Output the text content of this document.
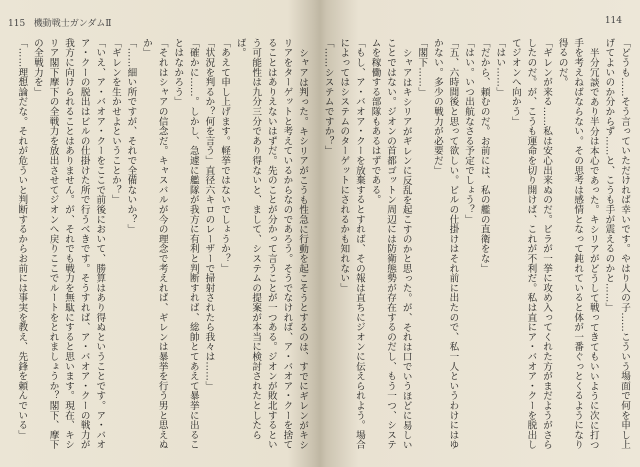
115 機動戦士ガンダムⅡ

シャアは判った。キシリアがこうも性急に行動を起こそうとするのは、すでにギレンがキシリアをターゲットと考えているからなのであろう。そうでなければ、ア・バオア・クーを捨てることはありえないはずだ。先のことが分かって言うことが一つある。ジオンが敗北するという可能性は九分三分であり得ないと、まして、システムの提案が本当に検討されたとしたらば。

「あえて申し上げます。軽挙ではないでしょうか？」

「状況を判るか？何を言う」直径六キロのレーザーで掃射されたら我々は……」

「確かに……。しかし、急遽に艦隊が我方に有利と判断すれば、総帥とてあえて暴挙に出ることはなかろう」

「それはシャアの信念だ。キャスバルが今の理念で考えれば、ギレンは暴挙を行う男と思えぬか」

「……細い所ですが、それで全備ないか？」

「ギレンを生かせよということか？」

「いえ、ア・バオア・クーをここで前後において、勝算はあり得ぬということです。ア・バオア・クーの脱出はビルの仕掛けた所で行うべきです。そうすれば、ア・バオア・クーの戦力が我方に向けられることはありません。が、それでも戦力を無駄にすると思います。現在、キシリア閣下摩下の全戦力を放出させてジオンへ戻りここでルートをとれましょうか？閣下、摩下の全戦力を」

「……理想論だな。それが危ういと判断するからお前には事実を教え、先鋒を頼んでいる」

114

「どうも……そう言っていただければ幸いです。やはり人の子……こういう場面で何を申し上げてよいのか分からず……と、こうも手が震えるのかと……」

半分冗談であり半分は本心であった。キシリアがどうして戦ってきてもいいように次に打つ手を考えねばならない。その思考は感情となって鈍れていると体が一番ぐっとくるようになり得るのだ。

「ギレンが来る……私は安心出来ぬのだ。ビラが一挙に攻め入ってくれた方がまだようがさらしたのだ。が、こうも運命を切り開けば、これが不利だ。私は直にア・バオア・クーを脱出してジオンへ向かう」

「はい……」

「だから、頼むのだ。お前には、私の艦の直衛をな」

「はい。いつ出航なさる予定でしょう？」

「五、六時間後と思って欲しい。ビルの仕掛けはそれ前に出たので、私一人というわけにはゆかない。多少の戦力が必要だ」

「閣下……」

シャアはキシリアがギレンに反乱を起こすのかと思った。が、それは口でいうほどに易しいことではない。ジオンの首都ゴットン周辺には防衛態勢が存在するのだし、もう一つ、システムを稼働する部隊もあるはずである。

「もし、ア・バオア・クーを放棄するとすれば、その報は直ちにジオンに伝えられよう。場合によってはシステムのターゲットにされるかも知れない」

「……システムですか？」
